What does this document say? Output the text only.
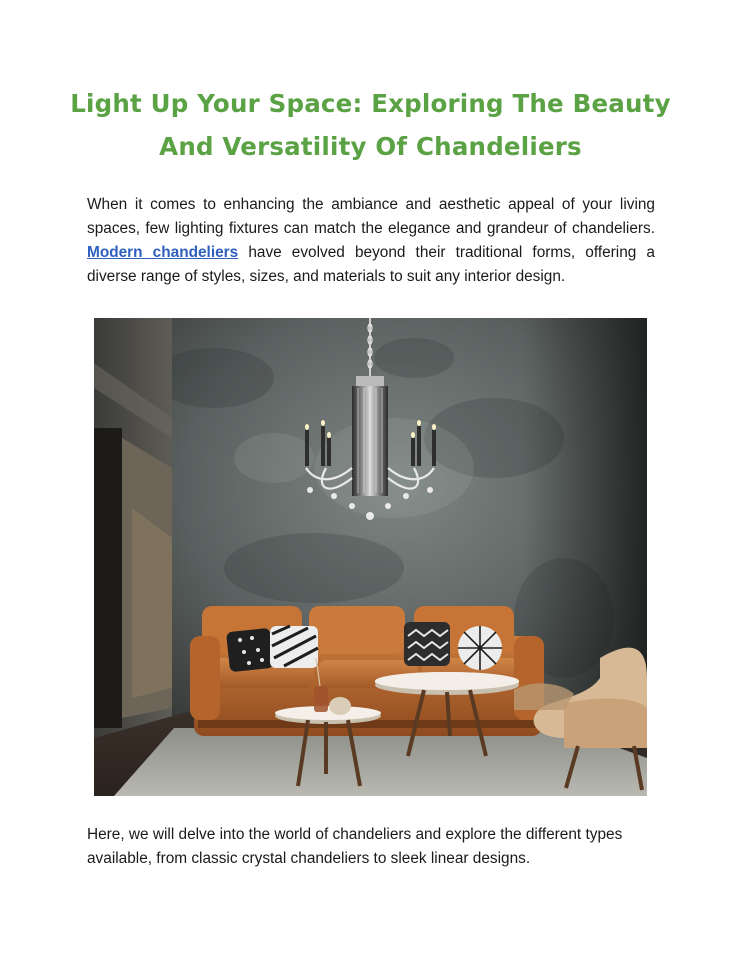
Light Up Your Space: Exploring The Beauty And Versatility Of Chandeliers

When it comes to enhancing the ambiance and aesthetic appeal of your living spaces, few lighting fixtures can match the elegance and grandeur of chandeliers. Modern chandeliers have evolved beyond their traditional forms, offering a diverse range of styles, sizes, and materials to suit any interior design.

Here, we will delve into the world of chandeliers and explore the different types available, from classic crystal chandeliers to sleek linear designs.
